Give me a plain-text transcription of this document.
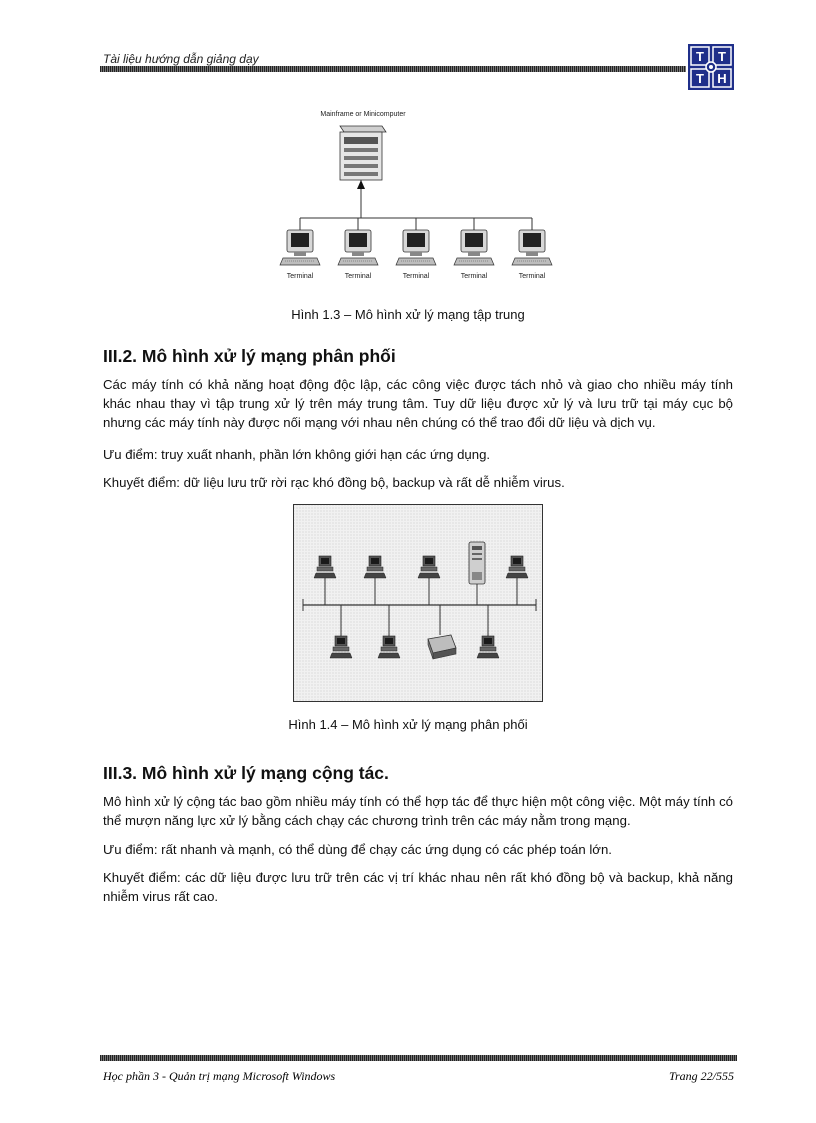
Tài liệu hướng dẫn giảng dạy	T T
T H
Mainframe or Minicomputer
Terminal	Terminal	Terminal	Terminal	Terminal
Hình 1.3 – Mô hình xử lý mạng tập trung
III.2. Mô hình xử lý mạng phân phối

Các máy tính có khả năng hoạt động độc lập, các công việc được tách nhỏ và giao cho nhiều máy tính khác nhau thay vì tập trung xử lý trên máy trung tâm. Tuy dữ liệu được xử lý và lưu trữ tại máy cục bộ nhưng các máy tính này được nối mạng với nhau nên chúng có thể trao đổi dữ liệu và dịch vụ.

Ưu điểm: truy xuất nhanh, phần lớn không giới hạn các ứng dụng.

Khuyết điểm: dữ liệu lưu trữ rời rạc khó đồng bộ, backup và rất dễ nhiễm virus.

Hình 1.4 – Mô hình xử lý mạng phân phối
III.3. Mô hình xử lý mạng cộng tác.

Mô hình xử lý cộng tác bao gồm nhiều máy tính có thể hợp tác để thực hiện một công việc. Một máy tính có thể mượn năng lực xử lý bằng cách chạy các chương trình trên các máy nằm trong mạng.

Ưu điểm: rất nhanh và mạnh, có thể dùng để chạy các ứng dụng có các phép toán lớn.

Khuyết điểm: các dữ liệu được lưu trữ trên các vị trí khác nhau nên rất khó đồng bộ và backup, khả năng nhiễm virus rất cao.

Học phần 3 - Quản trị mạng Microsoft Windows	Trang 22/555
